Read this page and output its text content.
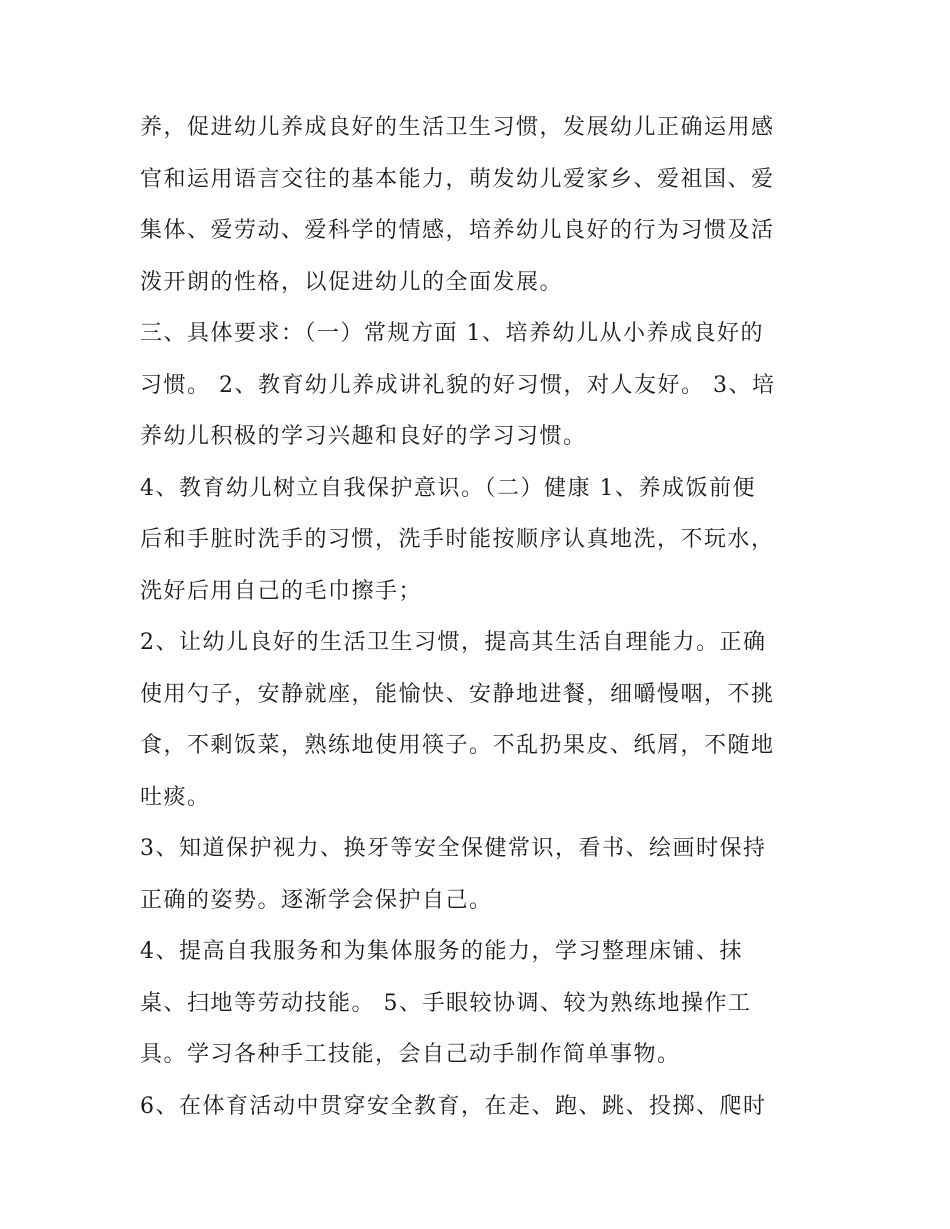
养，促进幼儿养成良好的生活卫生习惯，发展幼儿正确运用感
官和运用语言交往的基本能力，萌发幼儿爱家乡、爱祖国、爱
集体、爱劳动、爱科学的情感，培养幼儿良好的行为习惯及活
泼开朗的性格，以促进幼儿的全面发展。
三、具体要求：（一）常规方面 1、培养幼儿从小养成良好的
习惯。 2、教育幼儿养成讲礼貌的好习惯，对人友好。 3、培
养幼儿积极的学习兴趣和良好的学习习惯。
4、教育幼儿树立自我保护意识。（二）健康 1、养成饭前便
后和手脏时洗手的习惯，洗手时能按顺序认真地洗，不玩水，
洗好后用自己的毛巾擦手；
2、让幼儿良好的生活卫生习惯，提高其生活自理能力。正确
使用勺子，安静就座，能愉快、安静地进餐，细嚼慢咽，不挑
食，不剩饭菜，熟练地使用筷子。不乱扔果皮、纸屑，不随地
吐痰。
3、知道保护视力、换牙等安全保健常识，看书、绘画时保持
正确的姿势。逐渐学会保护自己。
4、提高自我服务和为集体服务的能力，学习整理床铺、抹
桌、扫地等劳动技能。 5、手眼较协调、较为熟练地操作工
具。学习各种手工技能，会自己动手制作简单事物。
6、在体育活动中贯穿安全教育，在走、跑、跳、投掷、爬时
